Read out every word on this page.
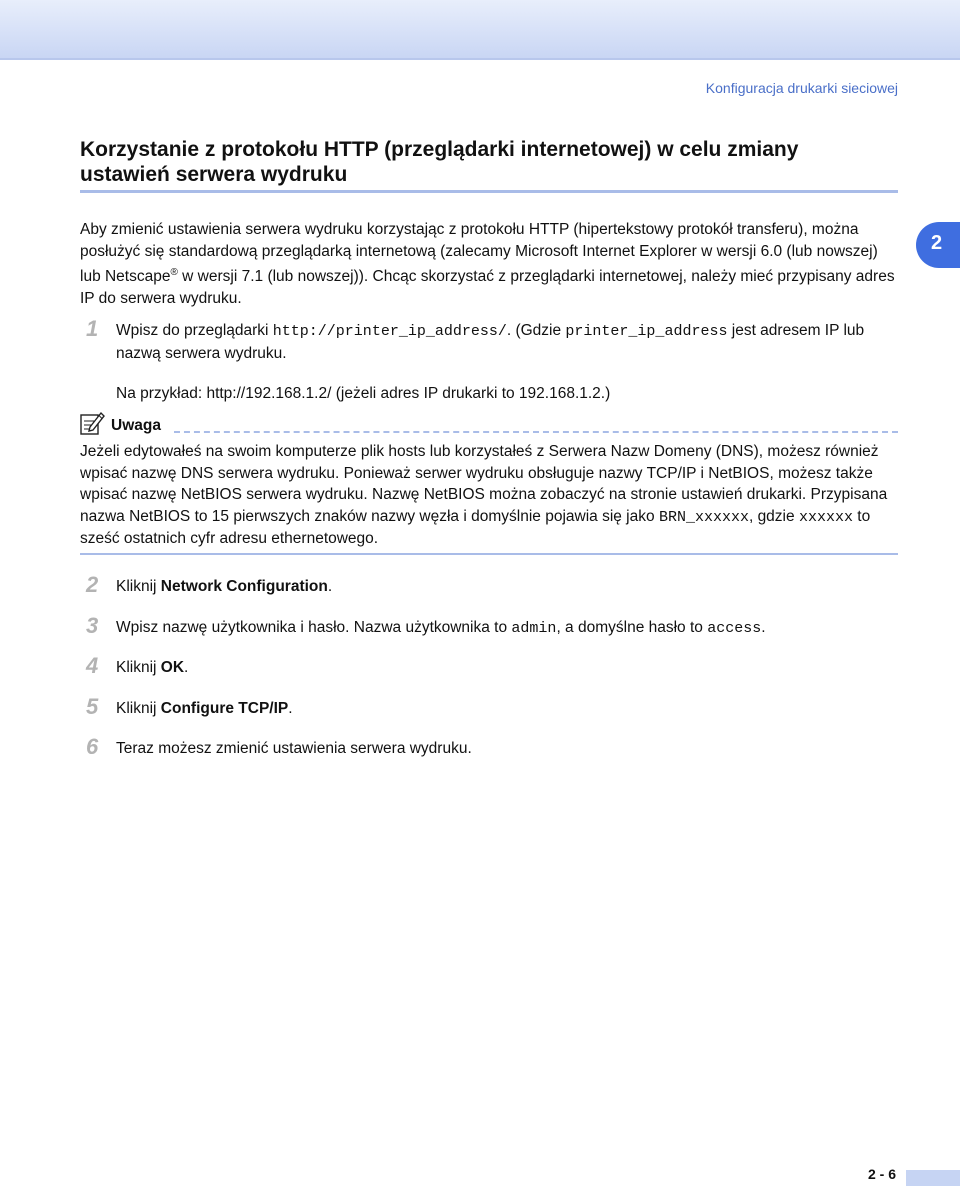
Konfiguracja drukarki sieciowej
2
Korzystanie z protokołu HTTP (przeglądarki internetowej) w celu zmiany ustawień serwera wydruku
Aby zmienić ustawienia serwera wydruku korzystając z protokołu HTTP (hipertekstowy protokół transferu), można posłużyć się standardową przeglądarką internetową (zalecamy Microsoft Internet Explorer w wersji 6.0 (lub nowszej) lub Netscape® w wersji 7.1 (lub nowszej)). Chcąc skorzystać z przeglądarki internetowej, należy mieć przypisany adres IP do serwera wydruku.
1 Wpisz do przeglądarki http://printer_ip_address/. (Gdzie printer_ip_address jest adresem IP lub nazwą serwera wydruku.
Na przykład: http://192.168.1.2/ (jeżeli adres IP drukarki to 192.168.1.2.)
Uwaga
Jeżeli edytowałeś na swoim komputerze plik hosts lub korzystałeś z Serwera Nazw Domeny (DNS), możesz również wpisać nazwę DNS serwera wydruku. Ponieważ serwer wydruku obsługuje nazwy TCP/IP i NetBIOS, możesz także wpisać nazwę NetBIOS serwera wydruku. Nazwę NetBIOS można zobaczyć na stronie ustawień drukarki. Przypisana nazwa NetBIOS to 15 pierwszych znaków nazwy węzła i domyślnie pojawia się jako BRN_xxxxxx, gdzie xxxxxx to sześć ostatnich cyfr adresu ethernetowego.
2 Kliknij Network Configuration.
3 Wpisz nazwę użytkownika i hasło. Nazwa użytkownika to admin, a domyślne hasło to access.
4 Kliknij OK.
5 Kliknij Configure TCP/IP.
6 Teraz możesz zmienić ustawienia serwera wydruku.
2 - 6
